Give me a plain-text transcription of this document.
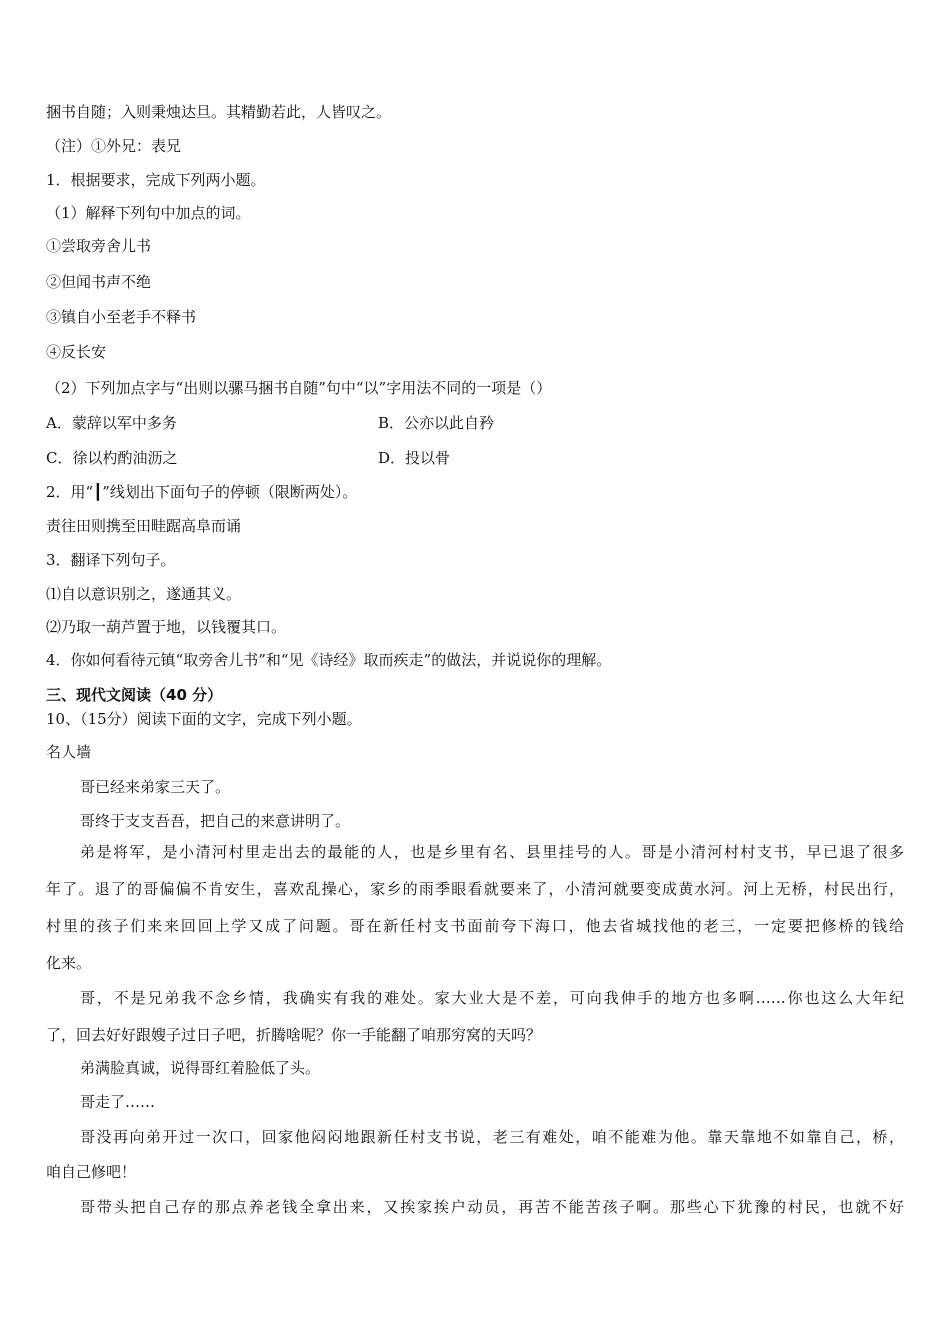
捆书自随；入则秉烛达旦。其精勤若此，人皆叹之。
（注）①外兄：表兄
1．根据要求，完成下列两小题。
（1）解释下列句中加点的词。
①尝取旁舍儿书
②但闻书声不绝
③镇自小至老手不释书
④反长安
（2）下列加点字与“出则以骡马捆书自随”句中“以”字用法不同的一项是（）
A．蒙辞以军中多务	B．公亦以此自矜
C．徐以杓酌油沥之	D．投以骨
2．用“┃”线划出下面句子的停顿（限断两处）。
责往田则携至田畦踞高阜而诵
3．翻译下列句子。
⑴自以意识别之，遂通其义。
⑵乃取一葫芦置于地，以钱覆其口。
4．你如何看待元镇“取旁舍儿书”和“见《诗经》取而疾走”的做法，并说说你的理解。
三、现代文阅读（40 分）
10、（15分）阅读下面的文字，完成下列小题。
名人墙
哥已经来弟家三天了。
哥终于支支吾吾，把自己的来意讲明了。
弟是将军，是小清河村里走出去的最能的人，也是乡里有名、县里挂号的人。哥是小清河村村支书，早已退了很多
年了。退了的哥偏偏不肯安生，喜欢乱操心，家乡的雨季眼看就要来了，小清河就要变成黄水河。河上无桥，村民出行，
村里的孩子们来来回回上学又成了问题。哥在新任村支书面前夸下海口，他去省城找他的老三，一定要把修桥的钱给
化来。
哥，不是兄弟我不念乡情，我确实有我的难处。家大业大是不差，可向我伸手的地方也多啊……你也这么大年纪
了，回去好好跟嫂子过日子吧，折腾啥呢？你一手能翻了咱那穷窝的天吗？
弟满脸真诚，说得哥红着脸低了头。
哥走了……
哥没再向弟开过一次口，回家他闷闷地跟新任村支书说，老三有难处，咱不能难为他。靠天靠地不如靠自己，桥，
咱自己修吧！
哥带头把自己存的那点养老钱全拿出来，又挨家挨户动员，再苦不能苦孩子啊。那些心下犹豫的村民，也就不好
